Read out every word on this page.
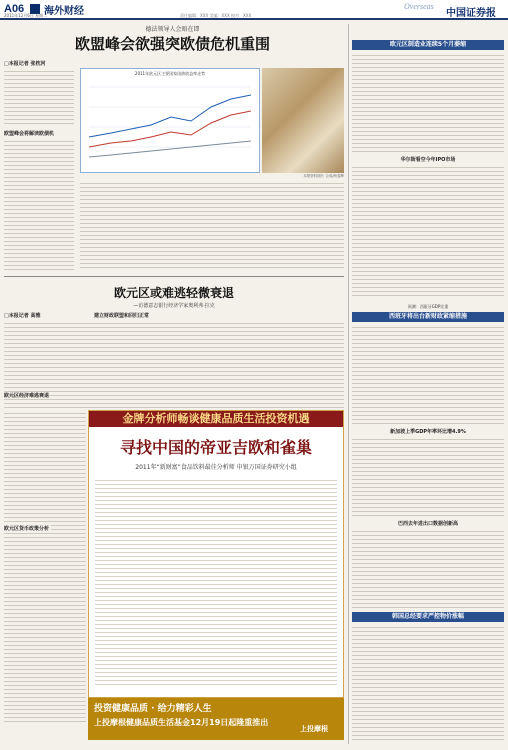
A06 海外财经
2011年12月6日 星期二	责任编辑：XXX 美编：XXX 校对：XXX
Overseas
中国证券报
德法领导人会晤在即
欧盟峰会欲强突欧债危机重围
□本报记者 张枕河
欧盟峰会将解读欧债机
2011年欧元区主要国家国债收益率走势
本报资料图片 合成/尚春辉
欧元区或难逃轻微衰退
—访德意志银行经济学家奥利弗·拉克
□本报记者 高雅	建立财政联盟和回归正常
欧元区经济难逃衰退
欧元区货币政策分析
金牌分析师畅谈健康品质生活投资机遇
寻找中国的帝亚吉欧和雀巢
2011年“新财富”食品饮料最佳分析师 申银万国证券研究小组
投资健康品质 · 给力精彩人生
上投摩根健康品质生活基金12月19日起隆重推出
上投摩根
欧元区制造业连续5个月萎缩
华尔街看空今年IPO市场
预测：西班牙GDP比重
西班牙将出台新财政紧缩措施
新加坡上季GDP年率环比增4.9%
巴西去年进出口数据创新高
韩国总经要求严控物价涨幅
